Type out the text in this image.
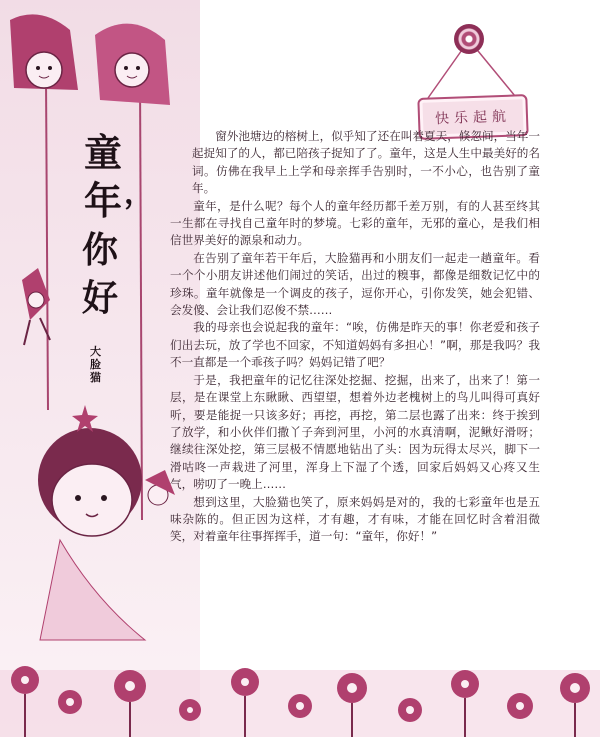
童
年 ，
你
好
大脸猫
快乐起航

窗外池塘边的榕树上，似乎知了还在叫着夏天，倏忽间，当年一起捉知了的人，都已陪孩子捉知了了。童年，这是人生中最美好的名词。仿佛在我早上上学和母亲挥手告别时，一不小心，也告别了童年。

童年，是什么呢？每个人的童年经历都千差万别，有的人甚至终其一生都在寻找自己童年时的梦境。七彩的童年，无邪的童心，是我们相信世界美好的源泉和动力。

在告别了童年若干年后，大脸猫再和小朋友们一起走一趟童年。看一个个小朋友讲述他们闹过的笑话，出过的糗事，都像是细数记忆中的珍珠。童年就像是一个调皮的孩子，逗你开心，引你发笑，她会犯错、会发傻、会让我们忍俊不禁……

我的母亲也会说起我的童年：“唉，仿佛是昨天的事！你老爱和孩子们出去玩，放了学也不回家，不知道妈妈有多担心！”啊，那是我吗？我不一直都是一个乖孩子吗？妈妈记错了吧？

于是，我把童年的记忆往深处挖掘、挖掘，出来了，出来了！第一层，是在课堂上东瞅瞅、西望望，想着外边老槐树上的鸟儿叫得可真好听，要是能捉一只该多好；再挖，再挖，第二层也露了出来：终于挨到了放学，和小伙伴们撒丫子奔到河里，小河的水真清啊，泥鳅好滑呀；继续往深处挖，第三层极不情愿地钻出了头：因为玩得太尽兴，脚下一滑咕咚一声栽进了河里，浑身上下湿了个透，回家后妈妈又心疼又生气，唠叨了一晚上……

想到这里，大脸猫也笑了，原来妈妈是对的，我的七彩童年也是五味杂陈的。但正因为这样，才有趣，才有味，才能在回忆时含着泪微笑，对着童年往事挥挥手，道一句：“童年，你好！”
